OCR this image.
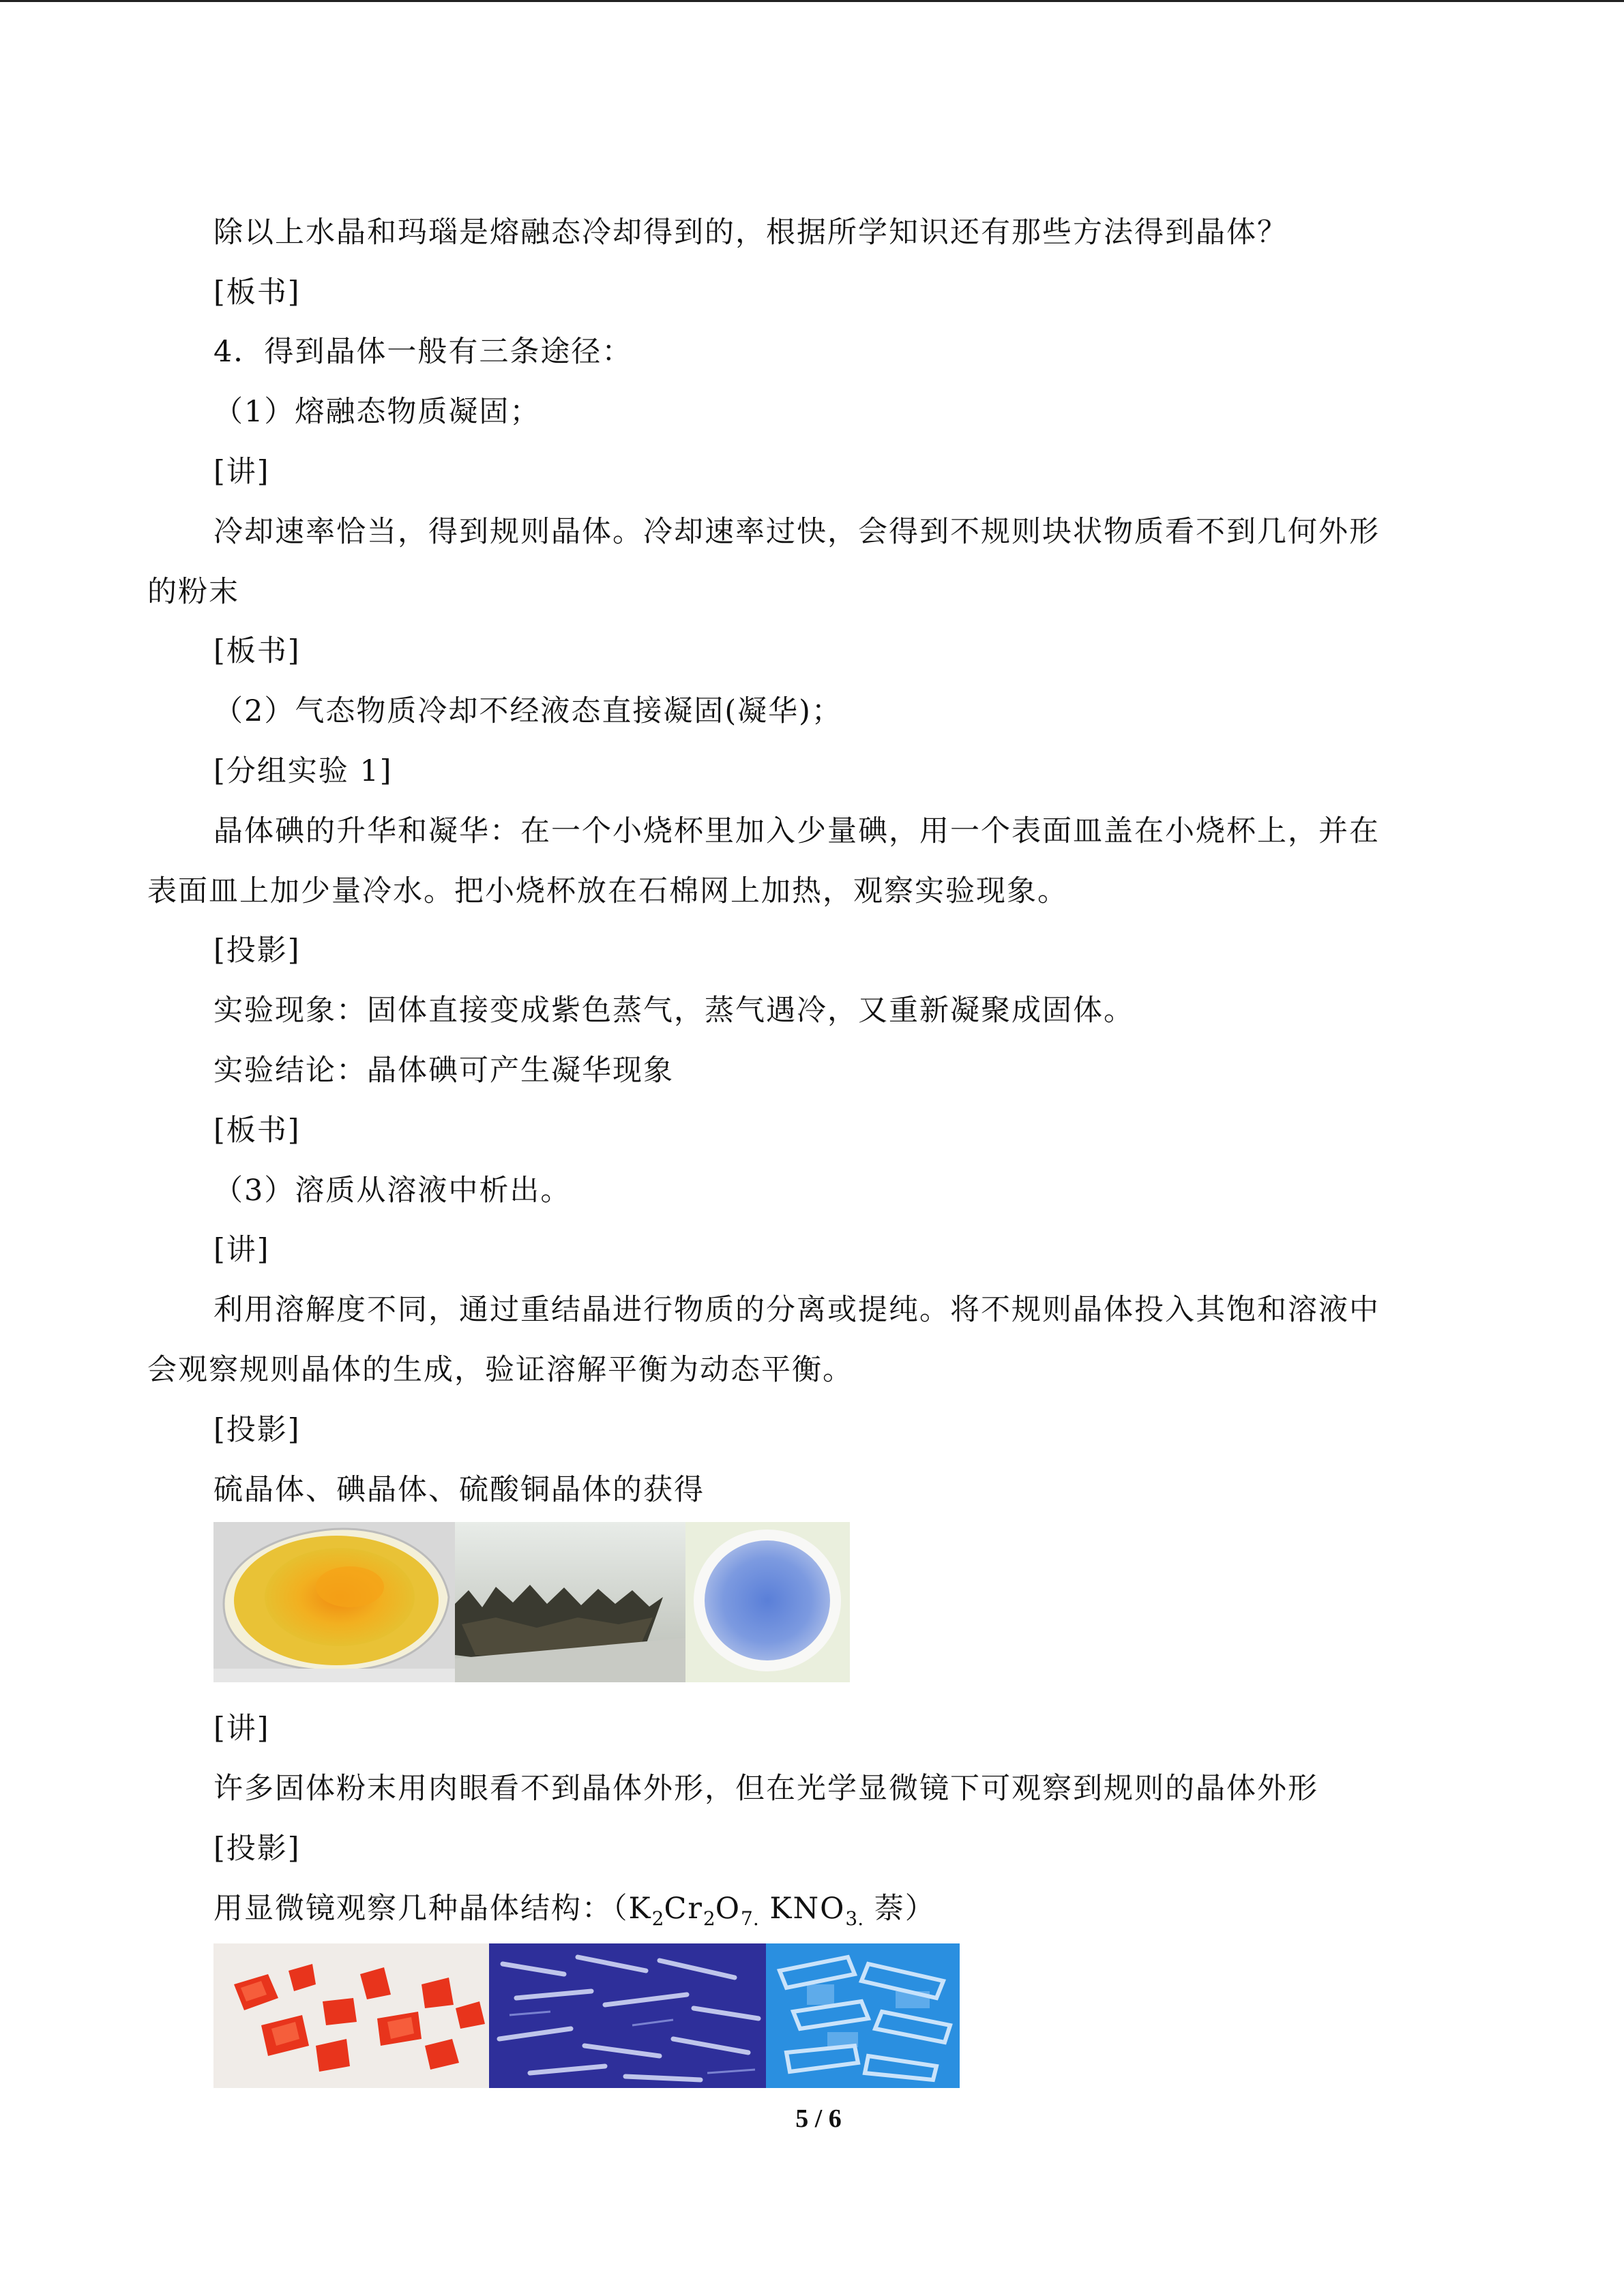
除以上水晶和玛瑙是熔融态冷却得到的，根据所学知识还有那些方法得到晶体？
[板书]
4．得到晶体一般有三条途径：
（1）熔融态物质凝固；
[讲]
冷却速率恰当，得到规则晶体。冷却速率过快，会得到不规则块状物质看不到几何外形
的粉末
[板书]
（2）气态物质冷却不经液态直接凝固(凝华)；
[分组实验 1]
晶体碘的升华和凝华：在一个小烧杯里加入少量碘，用一个表面皿盖在小烧杯上，并在
表面皿上加少量冷水。把小烧杯放在石棉网上加热，观察实验现象。
[投影]
实验现象：固体直接变成紫色蒸气，蒸气遇冷，又重新凝聚成固体。
实验结论：晶体碘可产生凝华现象
[板书]
（3）溶质从溶液中析出。
[讲]
利用溶解度不同，通过重结晶进行物质的分离或提纯。将不规则晶体投入其饱和溶液中
会观察规则晶体的生成，验证溶解平衡为动态平衡。
[投影]
硫晶体、碘晶体、硫酸铜晶体的获得
[讲]
许多固体粉末用肉眼看不到晶体外形，但在光学显微镜下可观察到规则的晶体外形
[投影]
用显微镜观察几种晶体结构：（$K_2Cr_2O_{7.}$ $KNO_{3.}$ 萘）
5 / 6
